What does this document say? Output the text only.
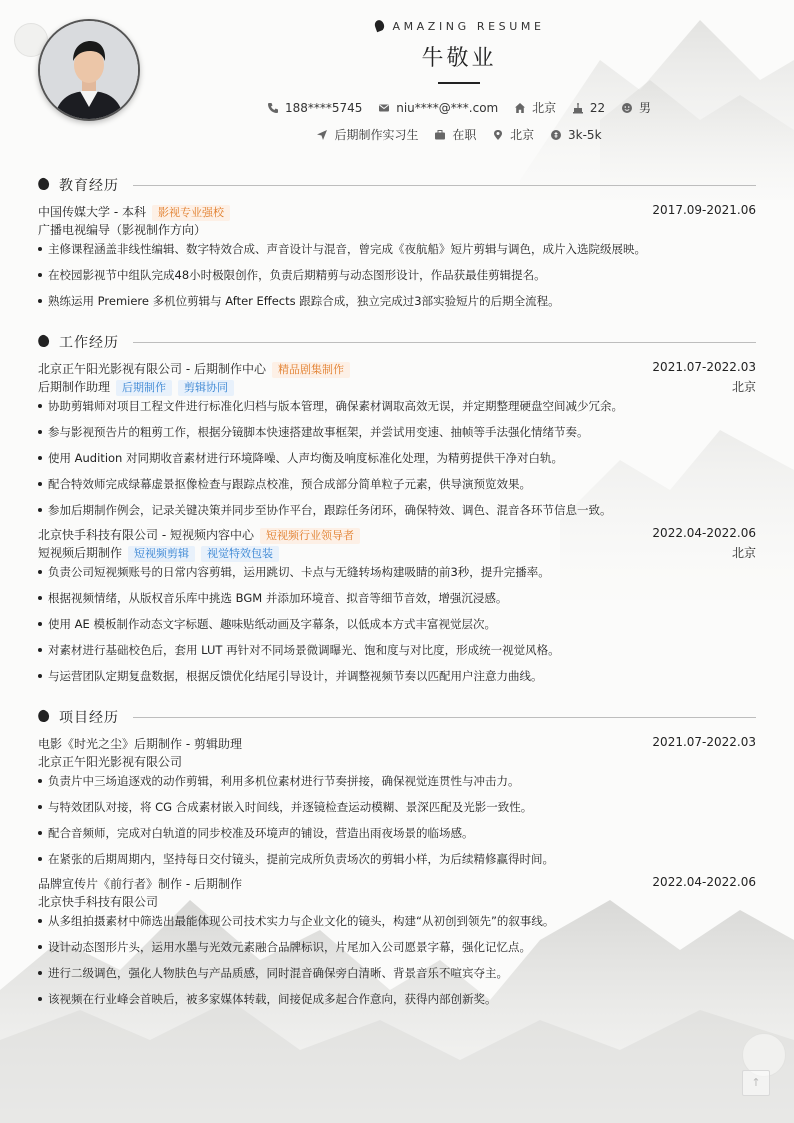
AMAZING RESUME
牛敬业
188****5745	niu****@***.com	北京	22	男
后期制作实习生	在职	北京	3k-5k
教育经历
中国传媒大学 - 本科 影视专业强校	2017.09-2021.06
广播电视编导（影视制作方向）
主修课程涵盖非线性编辑、数字特效合成、声音设计与混音，曾完成《夜航船》短片剪辑与调色，成片入选院级展映。
在校园影视节中组队完成48小时极限创作，负责后期精剪与动态图形设计，作品获最佳剪辑提名。
熟练运用 Premiere 多机位剪辑与 After Effects 跟踪合成，独立完成过3部实验短片的后期全流程。
工作经历
北京正午阳光影视有限公司 - 后期制作中心 精品剧集制作	2021.07-2022.03
后期制作助理 后期制作 剪辑协同	北京
协助剪辑师对项目工程文件进行标准化归档与版本管理，确保素材调取高效无误，并定期整理硬盘空间减少冗余。
参与影视预告片的粗剪工作，根据分镜脚本快速搭建故事框架，并尝试用变速、抽帧等手法强化情绪节奏。
使用 Audition 对同期收音素材进行环境降噪、人声均衡及响度标准化处理，为精剪提供干净对白轨。
配合特效师完成绿幕虚景抠像检查与跟踪点校准，预合成部分简单粒子元素，供导演预览效果。
参加后期制作例会，记录关键决策并同步至协作平台，跟踪任务闭环，确保特效、调色、混音各环节信息一致。
北京快手科技有限公司 - 短视频内容中心 短视频行业领导者	2022.04-2022.06
短视频后期制作 短视频剪辑 视觉特效包装	北京
负责公司短视频账号的日常内容剪辑，运用跳切、卡点与无缝转场构建吸睛的前3秒，提升完播率。
根据视频情绪，从版权音乐库中挑选 BGM 并添加环境音、拟音等细节音效，增强沉浸感。
使用 AE 模板制作动态文字标题、趣味贴纸动画及字幕条，以低成本方式丰富视觉层次。
对素材进行基础校色后，套用 LUT 再针对不同场景微调曝光、饱和度与对比度，形成统一视觉风格。
与运营团队定期复盘数据，根据反馈优化结尾引导设计，并调整视频节奏以匹配用户注意力曲线。
项目经历
电影《时光之尘》后期制作 - 剪辑助理	2021.07-2022.03
北京正午阳光影视有限公司
负责片中三场追逐戏的动作剪辑，利用多机位素材进行节奏拼接，确保视觉连贯性与冲击力。
与特效团队对接，将 CG 合成素材嵌入时间线，并逐镜检查运动模糊、景深匹配及光影一致性。
配合音频师，完成对白轨道的同步校准及环境声的铺设，营造出雨夜场景的临场感。
在紧张的后期周期内，坚持每日交付镜头，提前完成所负责场次的剪辑小样，为后续精修赢得时间。
品牌宣传片《前行者》制作 - 后期制作	2022.04-2022.06
北京快手科技有限公司
从多组拍摄素材中筛选出最能体现公司技术实力与企业文化的镜头，构建“从初创到领先”的叙事线。
设计动态图形片头，运用水墨与光效元素融合品牌标识，片尾加入公司愿景字幕，强化记忆点。
进行二级调色，强化人物肤色与产品质感，同时混音确保旁白清晰、背景音乐不喧宾夺主。
该视频在行业峰会首映后，被多家媒体转载，间接促成多起合作意向，获得内部创新奖。
↑
